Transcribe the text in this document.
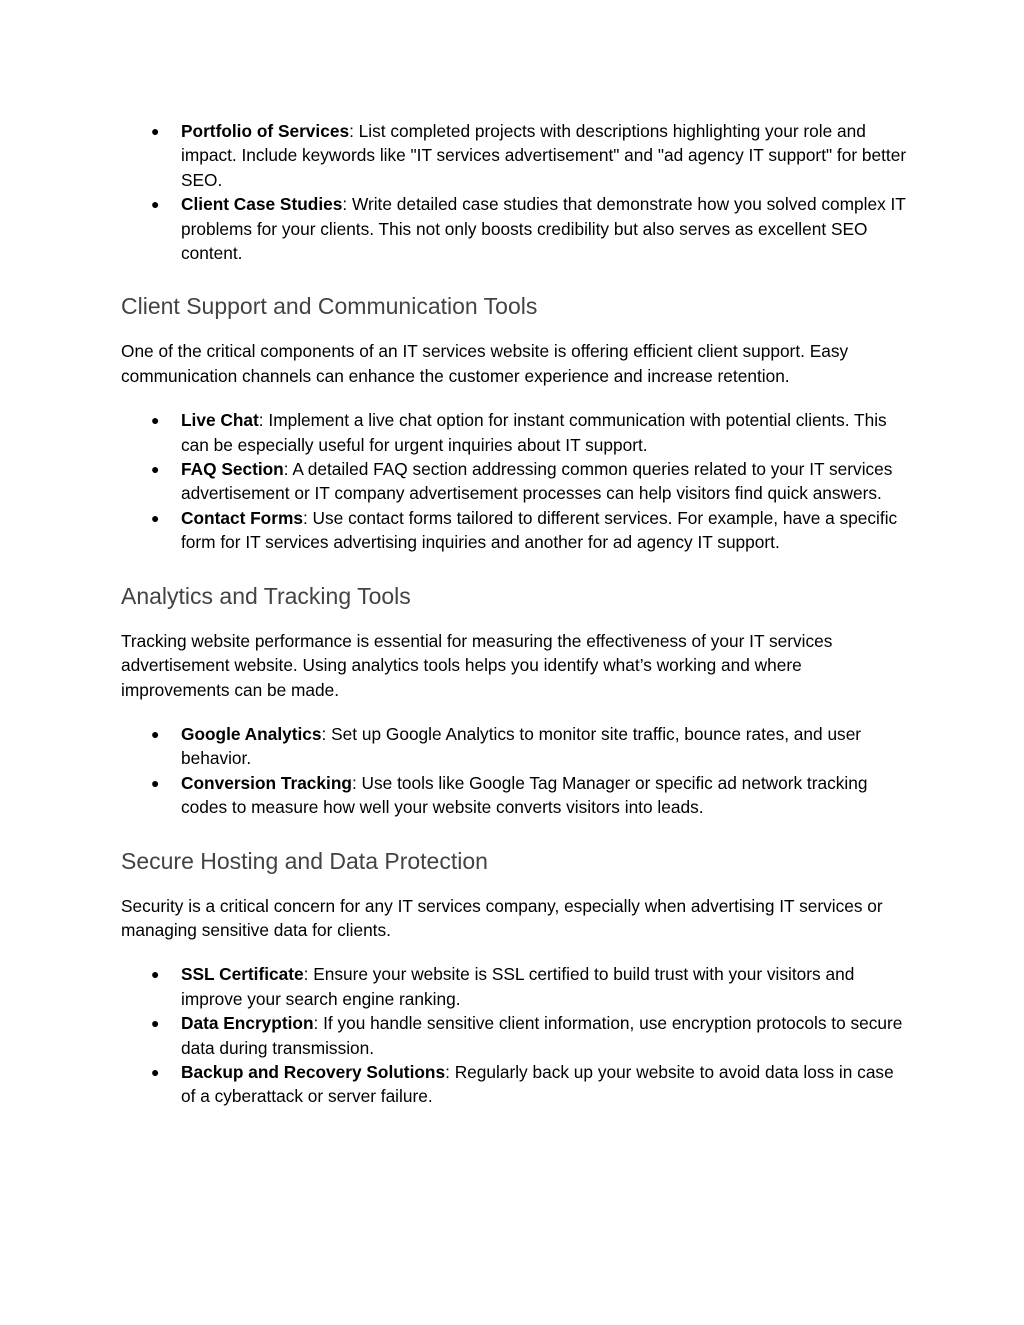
● Portfolio of Services: List completed projects with descriptions highlighting your role and impact. Include keywords like "IT services advertisement" and "ad agency IT support" for better SEO.
● Client Case Studies: Write detailed case studies that demonstrate how you solved complex IT problems for your clients. This not only boosts credibility but also serves as excellent SEO content.
Client Support and Communication Tools

One of the critical components of an IT services website is offering efficient client support. Easy communication channels can enhance the customer experience and increase retention.

● Live Chat: Implement a live chat option for instant communication with potential clients. This can be especially useful for urgent inquiries about IT support.
● FAQ Section: A detailed FAQ section addressing common queries related to your IT services advertisement or IT company advertisement processes can help visitors find quick answers.
● Contact Forms: Use contact forms tailored to different services. For example, have a specific form for IT services advertising inquiries and another for ad agency IT support.
Analytics and Tracking Tools

Tracking website performance is essential for measuring the effectiveness of your IT services advertisement website. Using analytics tools helps you identify what’s working and where improvements can be made.

● Google Analytics: Set up Google Analytics to monitor site traffic, bounce rates, and user behavior.
● Conversion Tracking: Use tools like Google Tag Manager or specific ad network tracking codes to measure how well your website converts visitors into leads.
Secure Hosting and Data Protection

Security is a critical concern for any IT services company, especially when advertising IT services or managing sensitive data for clients.

● SSL Certificate: Ensure your website is SSL certified to build trust with your visitors and improve your search engine ranking.
● Data Encryption: If you handle sensitive client information, use encryption protocols to secure data during transmission.
● Backup and Recovery Solutions: Regularly back up your website to avoid data loss in case of a cyberattack or server failure.
